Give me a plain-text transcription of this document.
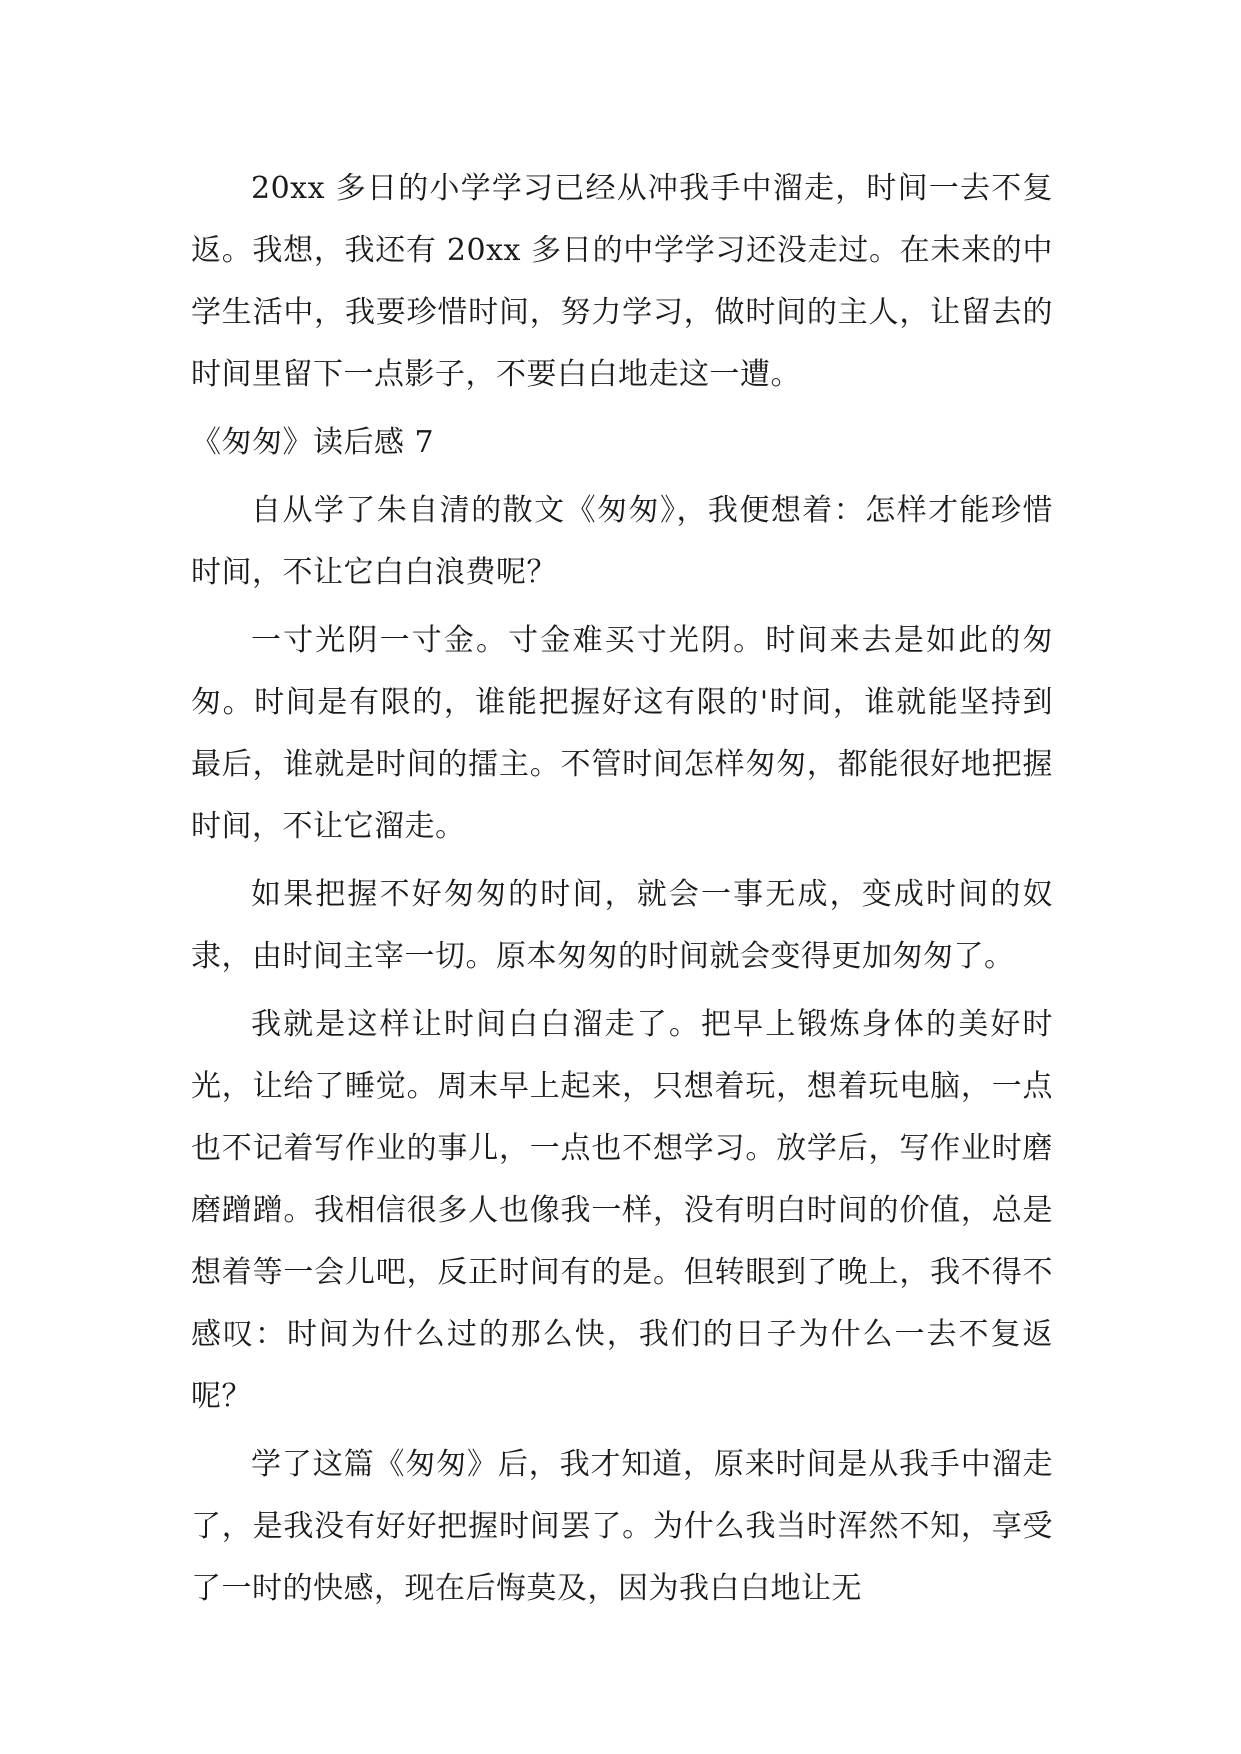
20xx 多日的小学学习已经从冲我手中溜走，时间一去不复返。我想，我还有 20xx 多日的中学学习还没走过。在未来的中学生活中，我要珍惜时间，努力学习，做时间的主人，让留去的时间里留下一点影子，不要白白地走这一遭。

《匆匆》读后感 7

自从学了朱自清的散文《匆匆》，我便想着：怎样才能珍惜时间，不让它白白浪费呢？

一寸光阴一寸金。寸金难买寸光阴。时间来去是如此的匆匆。时间是有限的，谁能把握好这有限的'时间，谁就能坚持到最后，谁就是时间的擂主。不管时间怎样匆匆，都能很好地把握时间，不让它溜走。

如果把握不好匆匆的时间，就会一事无成，变成时间的奴隶，由时间主宰一切。原本匆匆的时间就会变得更加匆匆了。

我就是这样让时间白白溜走了。把早上锻炼身体的美好时光，让给了睡觉。周末早上起来，只想着玩，想着玩电脑，一点也不记着写作业的事儿，一点也不想学习。放学后，写作业时磨磨蹭蹭。我相信很多人也像我一样，没有明白时间的价值，总是想着等一会儿吧，反正时间有的是。但转眼到了晚上，我不得不感叹：时间为什么过的那么快，我们的日子为什么一去不复返呢？

学了这篇《匆匆》后，我才知道，原来时间是从我手中溜走了，是我没有好好把握时间罢了。为什么我当时浑然不知，享受了一时的快感，现在后悔莫及，因为我白白地让无
